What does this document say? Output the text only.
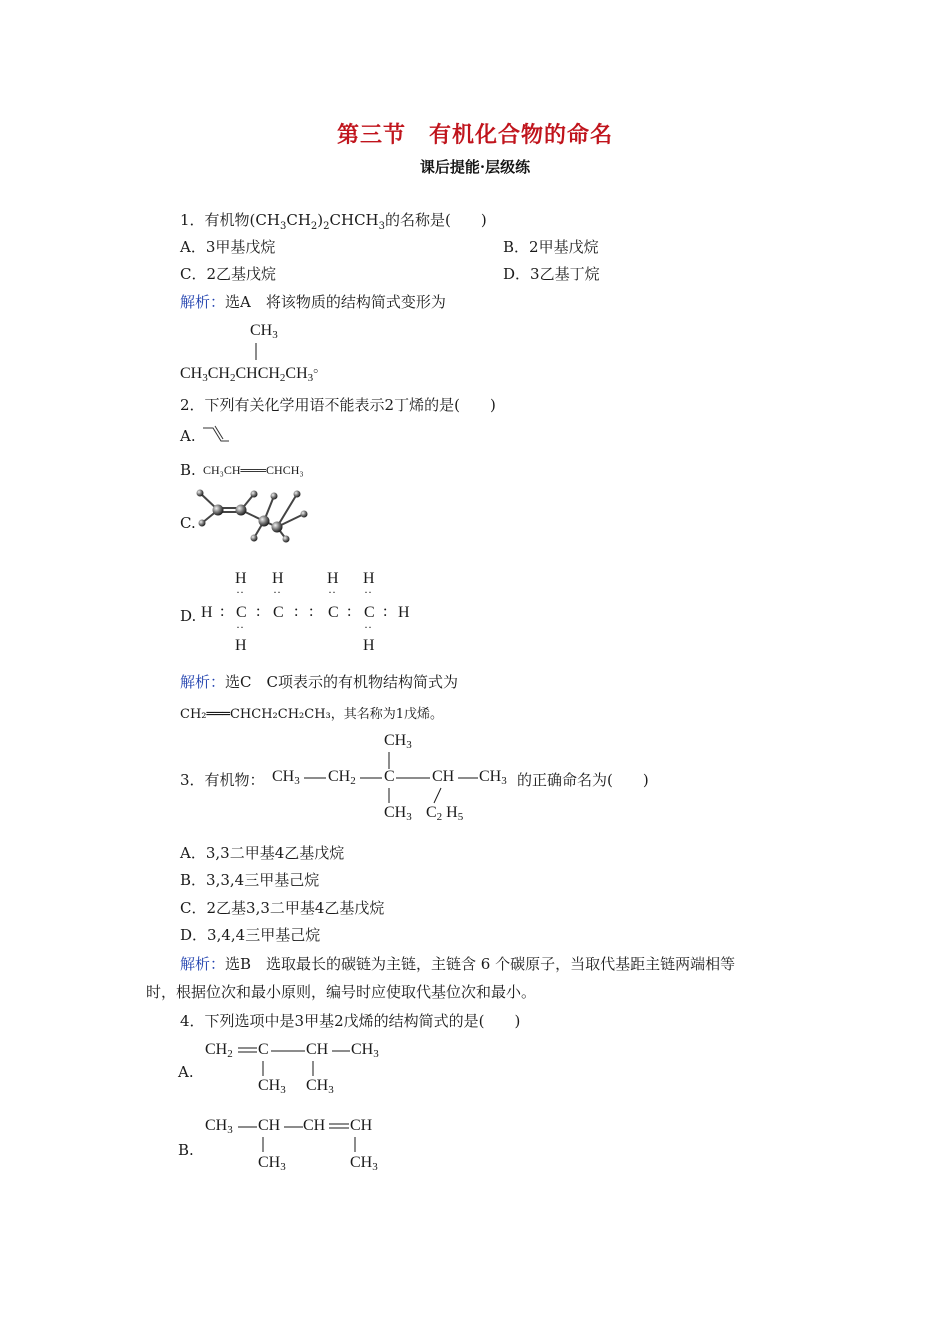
第三节　有机化合物的命名
课后提能·层级练
1．有机物$(CH_3CH_2)_2CHCH_3$的名称是(　　)
A．3甲基戊烷	B．2甲基戊烷
C．2乙基戊烷	D．3乙基丁烷
解析：选A　将该物质的结构简式变形为
$CH_3$
$CH_3CH_2CHCH_2CH_3$。
2．下列有关化学用语不能表示2丁烯的是(　　)
A.
B. CH₃CH═══CHCH₃
C.
D.
H H	H H
·· ··	·· ··
H : C : C : : C : C : H
··	··
H	H
解析：选C　C项表示的有机物结构简式为
CH₂═══CHCH₂CH₂CH₃，其名称为1戊烯。
3．有机物：
$CH_3$
$CH_3$ $CH_2$ C CH $CH_3$
$CH_3$ $C_2$ $H_5$
的正确命名为(　　)
A．3,3二甲基4乙基戊烷
B．3,3,4三甲基己烷
C．2乙基3,3二甲基4乙基戊烷
D．3,4,4三甲基己烷
解析：选B　选取最长的碳链为主链，主链含 6 个碳原子，当取代基距主链两端相等
时，根据位次和最小原则，编号时应使取代基位次和最小。
4．下列选项中是3甲基2戊烯的结构简式的是(　　)
A.
$CH_2$ C CH $CH_3$
$CH_3$ $CH_3$
B.
$CH_3$ CH CH CH
$CH_3$	$CH_3$
